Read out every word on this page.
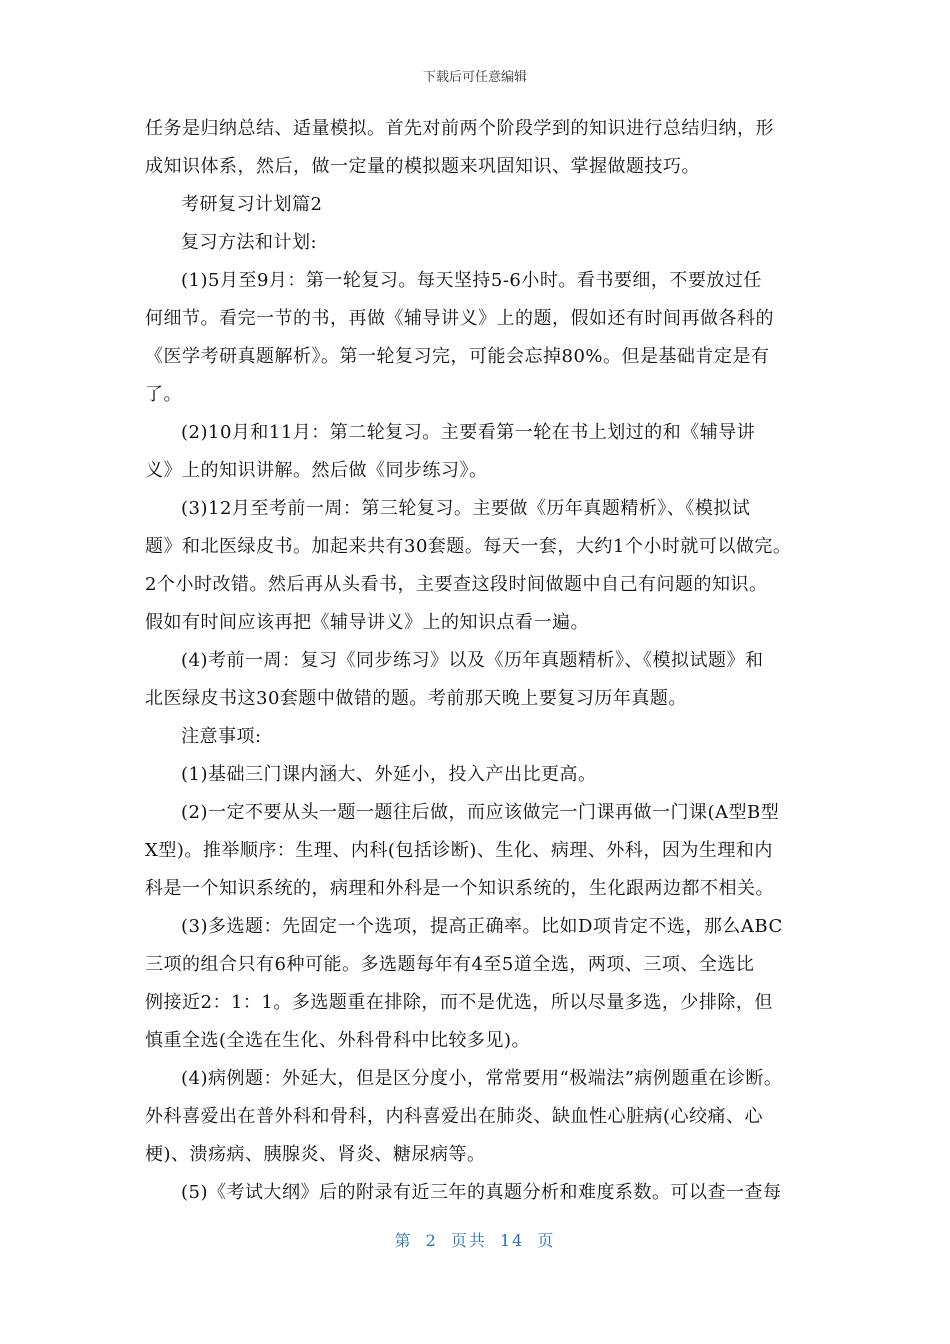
下载后可任意编辑
任务是归纳总结、适量模拟。首先对前两个阶段学到的知识进行总结归纳，形
成知识体系，然后，做一定量的模拟题来巩固知识、掌握做题技巧。
考研复习计划篇2
复习方法和计划:
(1)5月至9月：第一轮复习。每天坚持5-6小时。看书要细，不要放过任
何细节。看完一节的书，再做《辅导讲义》上的题，假如还有时间再做各科的
《医学考研真题解析》。第一轮复习完，可能会忘掉80%。但是基础肯定是有
了。
(2)10月和11月：第二轮复习。主要看第一轮在书上划过的和《辅导讲
义》上的知识讲解。然后做《同步练习》。
(3)12月至考前一周：第三轮复习。主要做《历年真题精析》、《模拟试
题》和北医绿皮书。加起来共有30套题。每天一套，大约1个小时就可以做完。
2个小时改错。然后再从头看书，主要查这段时间做题中自己有问题的知识。
假如有时间应该再把《辅导讲义》上的知识点看一遍。
(4)考前一周：复习《同步练习》以及《历年真题精析》、《模拟试题》和
北医绿皮书这30套题中做错的题。考前那天晚上要复习历年真题。
注意事项:
(1)基础三门课内涵大、外延小，投入产出比更高。
(2)一定不要从头一题一题往后做，而应该做完一门课再做一门课(A型B型
X型)。推举顺序：生理、内科(包括诊断)、生化、病理、外科，因为生理和内
科是一个知识系统的，病理和外科是一个知识系统的，生化跟两边都不相关。
(3)多选题：先固定一个选项，提高正确率。比如D项肯定不选，那么ABC
三项的组合只有6种可能。多选题每年有4至5道全选，两项、三项、全选比
例接近2：1：1。多选题重在排除，而不是优选，所以尽量多选，少排除，但
慎重全选(全选在生化、外科骨科中比较多见)。
(4)病例题：外延大，但是区分度小，常常要用“极端法”病例题重在诊断。
外科喜爱出在普外科和骨科，内科喜爱出在肺炎、缺血性心脏病(心绞痛、心
梗)、溃疡病、胰腺炎、肾炎、糖尿病等。
(5)《考试大纲》后的附录有近三年的真题分析和难度系数。可以查一查每
第 2 页共 14 页
